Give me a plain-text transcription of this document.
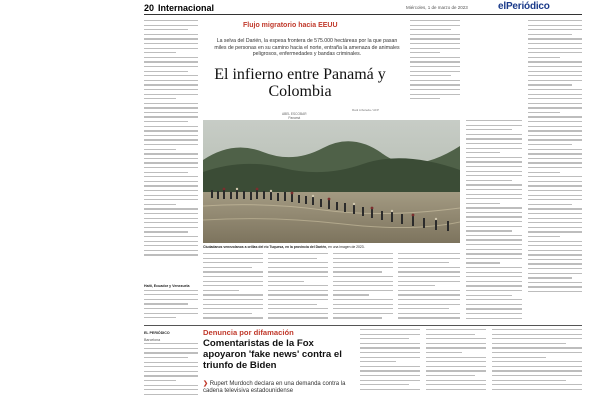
20 Internacional	Miércoles, 1 de marzo de 2023	elPeriódico
Haití, Ecuador y Venezuela
Flujo migratorio hacia EEUU
La selva del Darién, la espesa frontera de 575.000 hectáreas por la que pasan miles de personas en su camino hacia el norte, entraña la amenaza de animales peligrosos, enfermedades y bandas criminales.
El infierno entre Panamá y Colombia
ABEL ESCOBAR
Panamá
Raúl Arboleda / AFP
Ciudadanos venezolanos a orillas del río Tuquesa, en la provincia del Darién, en una imagen de 2023.
EL PERIÓDICO
Barcelona
Denuncia por difamación
Comentaristas de la Fox apoyaron 'fake news' contra el triunfo de Biden
❯ Rupert Murdoch declara en una demanda contra la cadena televisiva estadounidense
